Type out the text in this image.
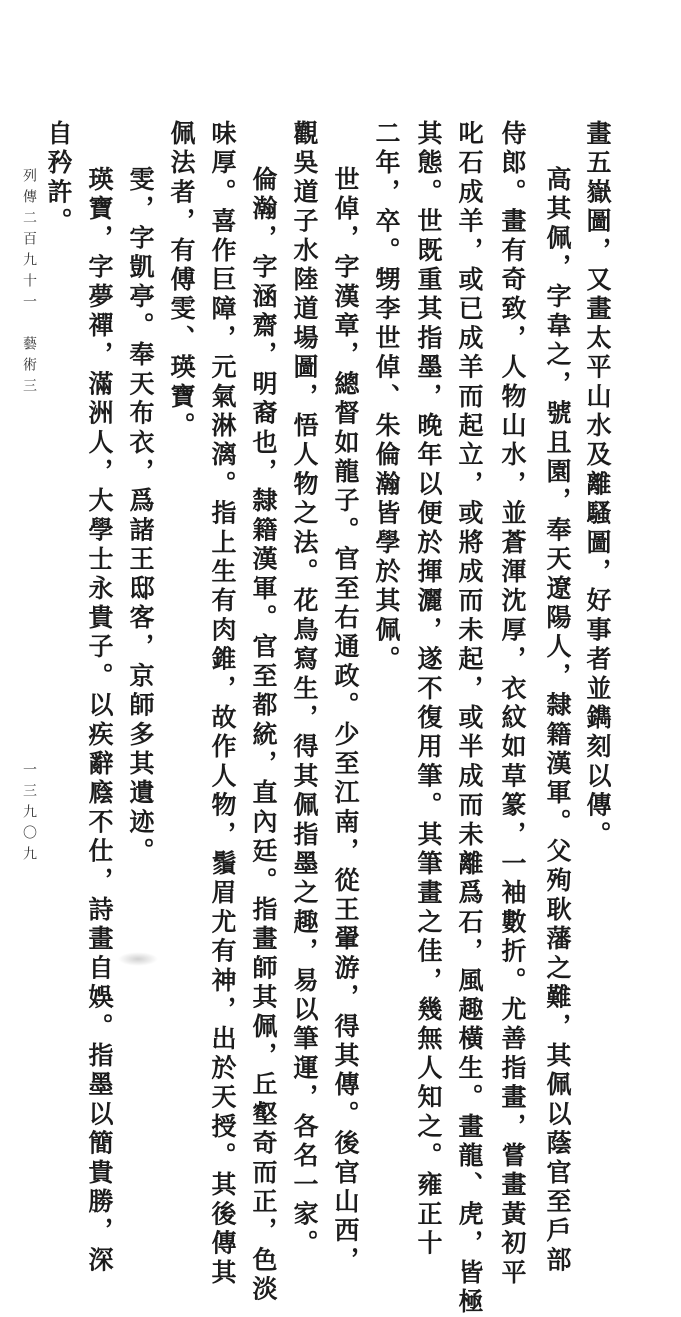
畫五嶽圖，又畫太平山水及離騷圖，好事者並鐫刻以傳。
高其佩，字韋之，號且園，奉天遼陽人，隸籍漢軍。父殉耿藩之難，其佩以蔭官至戶部
侍郎。畫有奇致，人物山水，並蒼渾沈厚，衣紋如草篆，一袖數折。尤善指畫，嘗畫黃初平
叱石成羊，或已成羊而起立，或將成而未起，或半成而未離爲石，風趣橫生。畫龍、虎，皆極
其態。世既重其指墨，晚年以便於揮灑，遂不復用筆。其筆畫之佳，幾無人知之。雍正十
二年，卒。甥李世倬、朱倫瀚皆學於其佩。
世倬，字漢章，總督如龍子。官至右通政。少至江南，從王翬游，得其傳。後官山西，
觀吳道子水陸道場圖，悟人物之法。花鳥寫生，得其佩指墨之趣，易以筆運，各名一家。
倫瀚，字涵齋，明裔也，隸籍漢軍。官至都統，直內廷。指畫師其佩，丘壑奇而正，色淡
味厚。喜作巨障，元氣淋漓。指上生有肉錐，故作人物，鬚眉尤有神，出於天授。其後傳其
佩法者，有傅雯、瑛寶。
雯，字凱亭。奉天布衣，爲諸王邸客，京師多其遺迹。
瑛寶，字夢禪，滿洲人，大學士永貴子。以疾辭廕不仕，詩畫自娛。指墨以簡貴勝，深
自矜許。
列傳二百九十一　藝術三
一三九〇九
